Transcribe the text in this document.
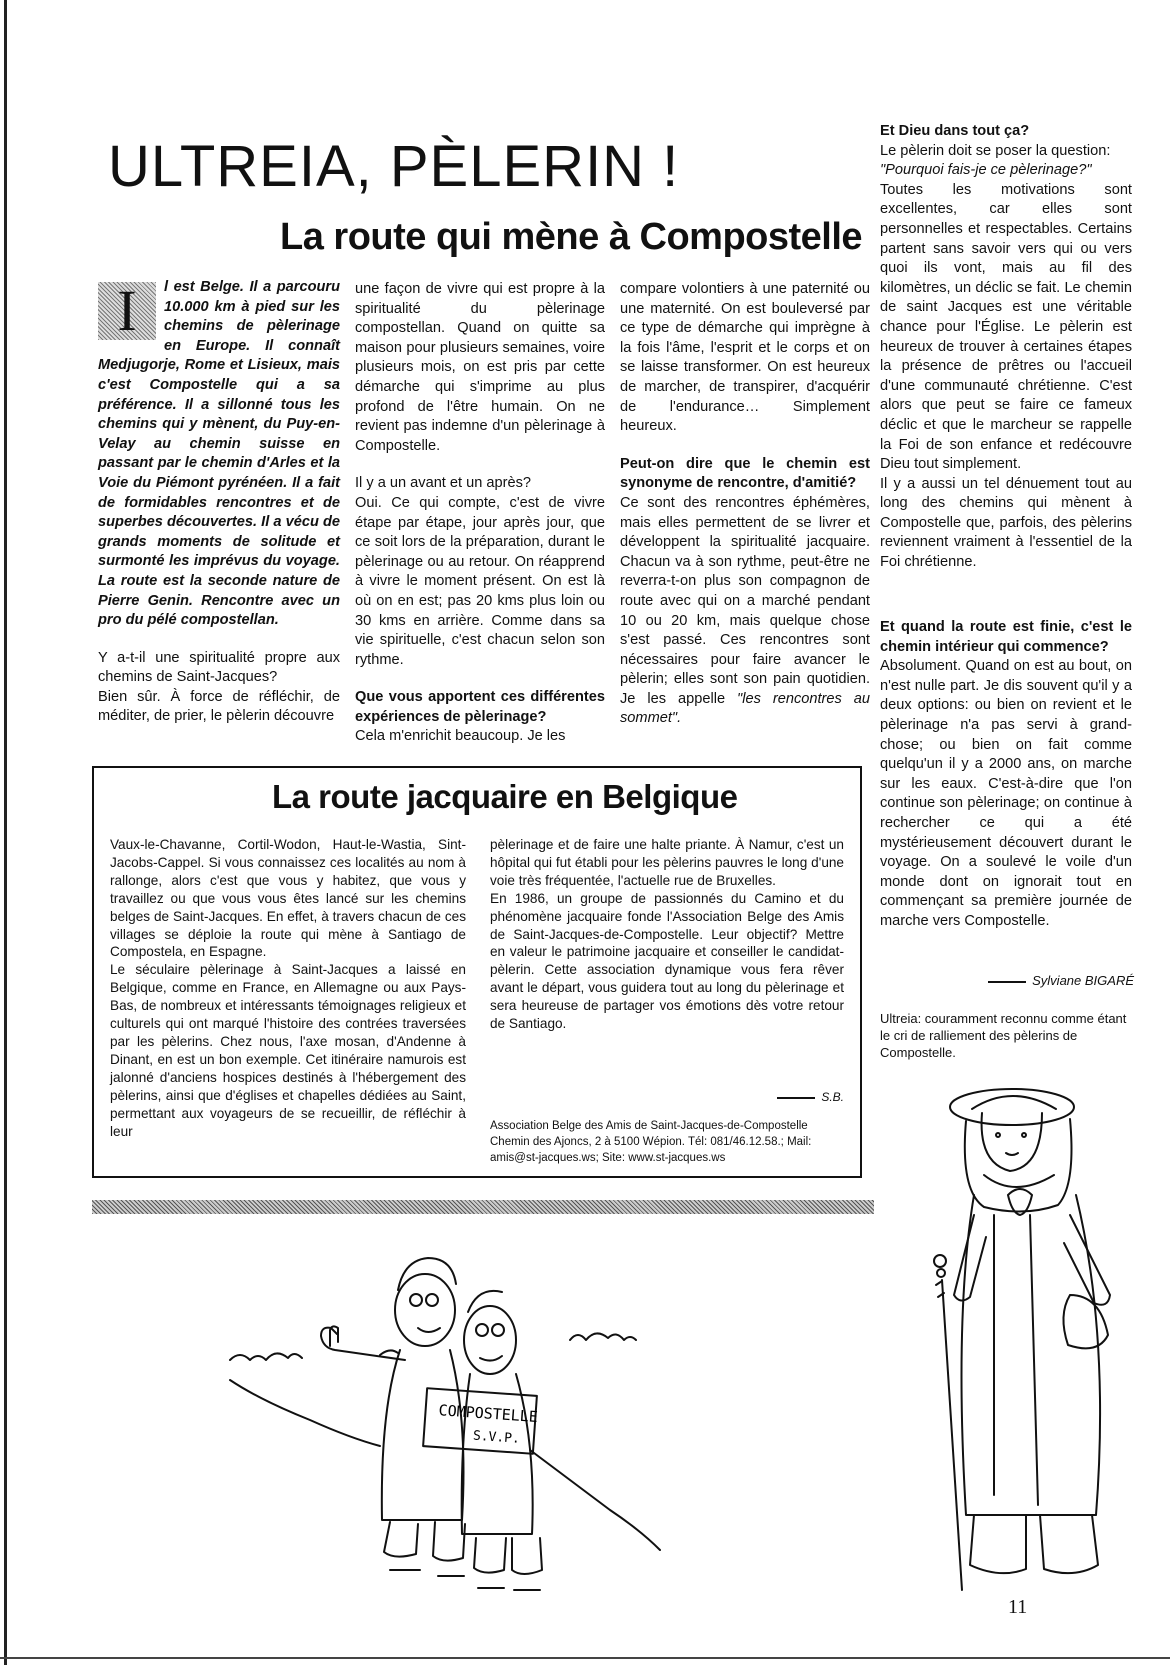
ULTREIA, PÈLERIN !
La route qui mène à Compostelle

I	l est Belge. Il a parcouru 10.000 km à pied sur les chemins de pèlerinage en Europe. Il connaît Medjugorje, Rome et Lisieux, mais c'est Compostelle qui a sa préférence. Il a sillonné tous les chemins qui y mènent, du Puy-en-Velay au chemin suisse en passant par le chemin d'Arles et la Voie du Piémont pyrénéen. Il a fait de formidables rencontres et de superbes découvertes. Il a vécu de grands moments de solitude et surmonté les imprévus du voyage. La route est la seconde nature de Pierre Genin. Rencontre avec un pro du pélé compostellan.

Y a-t-il une spiritualité propre aux chemins de Saint-Jacques?

Bien sûr. À force de réfléchir, de méditer, de prier, le pèlerin découvre

une façon de vivre qui est propre à la spiritualité du pèlerinage compostellan. Quand on quitte sa maison pour plusieurs semaines, voire plusieurs mois, on est pris par cette démarche qui s'imprime au plus profond de l'être humain. On ne revient pas indemne d'un pèlerinage à Compostelle.

Il y a un avant et un après?

Oui. Ce qui compte, c'est de vivre étape par étape, jour après jour, que ce soit lors de la préparation, durant le pèlerinage ou au retour. On réapprend à vivre le moment présent. On est là où on en est; pas 20 kms plus loin ou 30 kms en arrière. Comme dans sa vie spirituelle, c'est chacun selon son rythme.

Que vous apportent ces différentes expériences de pèlerinage?

Cela m'enrichit beaucoup. Je les

compare volontiers à une paternité ou une maternité. On est bouleversé par ce type de démarche qui imprègne à la fois l'âme, l'esprit et le corps et on se laisse transformer. On est heureux de marcher, de transpirer, d'acquérir de l'endurance… Simplement heureux.

Peut-on dire que le chemin est synonyme de rencontre, d'amitié?

Ce sont des rencontres éphémères, mais elles permettent de se livrer et développent la spiritualité jacquaire. Chacun va à son rythme, peut-être ne reverra-t-on plus son compagnon de route avec qui on a marché pendant 10 ou 20 km, mais quelque chose s'est passé. Ces rencontres sont nécessaires pour faire avancer le pèlerin; elles sont son pain quotidien. Je les appelle "les rencontres au sommet".

Et Dieu dans tout ça?

Le pèlerin doit se poser la question:

"Pourquoi fais-je ce pèlerinage?"

Toutes les motivations sont excellentes, car elles sont personnelles et respectables. Certains partent sans savoir vers qui ou vers quoi ils vont, mais au fil des kilomètres, un déclic se fait. Le chemin de saint Jacques est une véritable chance pour l'Église. Le pèlerin est heureux de trouver à certaines étapes la présence de prêtres ou l'accueil d'une communauté chrétienne. C'est alors que peut se faire ce fameux déclic et que le marcheur se rappelle la Foi de son enfance et redécouvre Dieu tout simplement.

Il y a aussi un tel dénuement tout au long des chemins qui mènent à Compostelle que, parfois, des pèlerins reviennent vraiment à l'essentiel de la Foi chrétienne.

Et quand la route est finie, c'est le chemin intérieur qui commence?

Absolument. Quand on est au bout, on n'est nulle part. Je dis souvent qu'il y a deux options: ou bien on revient et le pèlerinage n'a pas servi à grand-chose; ou bien on fait comme quelqu'un il y a 2000 ans, on marche sur les eaux. C'est-à-dire que l'on continue son pèlerinage; on continue à rechercher ce qui a été mystérieusement découvert durant le voyage. On a soulevé le voile d'un monde dont on ignorait tout en commençant sa première journée de marche vers Compostelle.

Sylviane BIGARÉ
Ultreia: couramment reconnu comme étant le cri de ralliement des pèlerins de Compostelle.
La route jacquaire en Belgique

Vaux-le-Chavanne, Cortil-Wodon, Haut-le-Wastia, Sint-Jacobs-Cappel. Si vous connaissez ces localités au nom à rallonge, alors c'est que vous y habitez, que vous y travaillez ou que vous vous êtes lancé sur les chemins belges de Saint-Jacques. En effet, à travers chacun de ces villages se déploie la route qui mène à Santiago de Compostela, en Espagne.

Le séculaire pèlerinage à Saint-Jacques a laissé en Belgique, comme en France, en Allemagne ou aux Pays-Bas, de nombreux et intéressants témoignages religieux et culturels qui ont marqué l'histoire des contrées traversées par les pèlerins. Chez nous, l'axe mosan, d'Andenne à Dinant, en est un bon exemple. Cet itinéraire namurois est jalonné d'anciens hospices destinés à l'hébergement des pèlerins, ainsi que d'églises et chapelles dédiées au Saint, permettant aux voyageurs de se recueillir, de réfléchir à leur

pèlerinage et de faire une halte priante. À Namur, c'est un hôpital qui fut établi pour les pèlerins pauvres le long d'une voie très fréquentée, l'actuelle rue de Bruxelles.

En 1986, un groupe de passionnés du Camino et du phénomène jacquaire fonde l'Association Belge des Amis de Saint-Jacques-de-Compostelle. Leur objectif? Mettre en valeur le patrimoine jacquaire et conseiller le candidat-pèlerin. Cette association dynamique vous fera rêver avant le départ, vous guidera tout au long du pèlerinage et sera heureuse de partager vos émotions dès votre retour de Santiago.

S.B.
Association Belge des Amis de Saint-Jacques-de-Compostelle
Chemin des Ajoncs, 2 à 5100 Wépion. Tél: 081/46.12.58.; Mail:
amis@st-jacques.ws; Site: www.st-jacques.ws
COMPOSTELLE
S.V.P.
11
